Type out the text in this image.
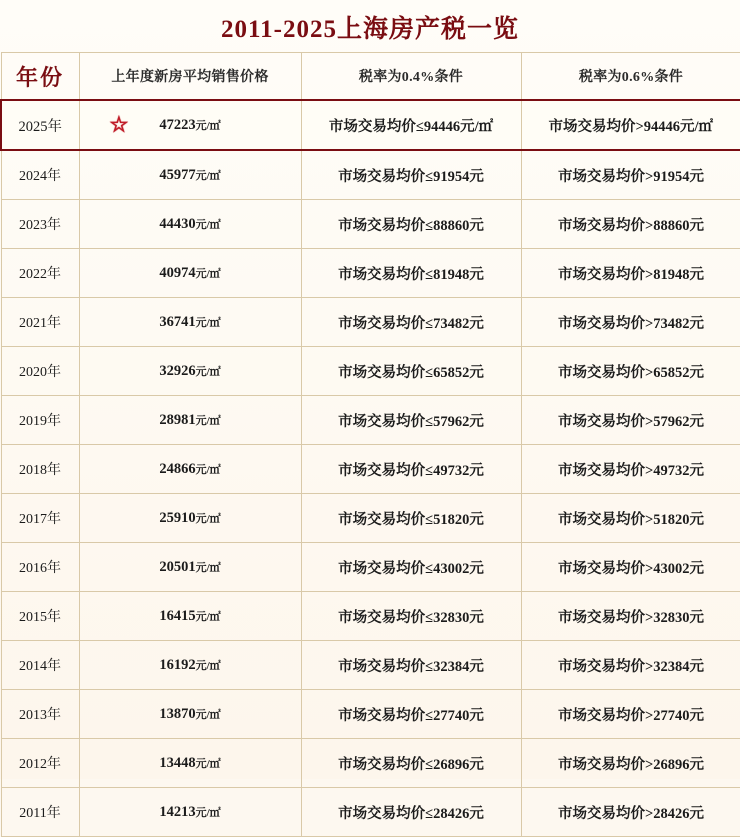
2011-2025上海房产税一览
年份	上年度新房平均销售价格	税率为0.4%条件	税率为0.6%条件
2025年	☆ 47223元/㎡	市场交易均价≤94446元/㎡	市场交易均价>94446元/㎡
2024年	45977元/㎡	市场交易均价≤91954元	市场交易均价>91954元
2023年	44430元/㎡	市场交易均价≤88860元	市场交易均价>88860元
2022年	40974元/㎡	市场交易均价≤81948元	市场交易均价>81948元
2021年	36741元/㎡	市场交易均价≤73482元	市场交易均价>73482元
2020年	32926元/㎡	市场交易均价≤65852元	市场交易均价>65852元
2019年	28981元/㎡	市场交易均价≤57962元	市场交易均价>57962元
2018年	24866元/㎡	市场交易均价≤49732元	市场交易均价>49732元
2017年	25910元/㎡	市场交易均价≤51820元	市场交易均价>51820元
2016年	20501元/㎡	市场交易均价≤43002元	市场交易均价>43002元
2015年	16415元/㎡	市场交易均价≤32830元	市场交易均价>32830元
2014年	16192元/㎡	市场交易均价≤32384元	市场交易均价>32384元
2013年	13870元/㎡	市场交易均价≤27740元	市场交易均价>27740元
2012年	13448元/㎡	市场交易均价≤26896元	市场交易均价>26896元
2011年	14213元/㎡	市场交易均价≤28426元	市场交易均价>28426元
